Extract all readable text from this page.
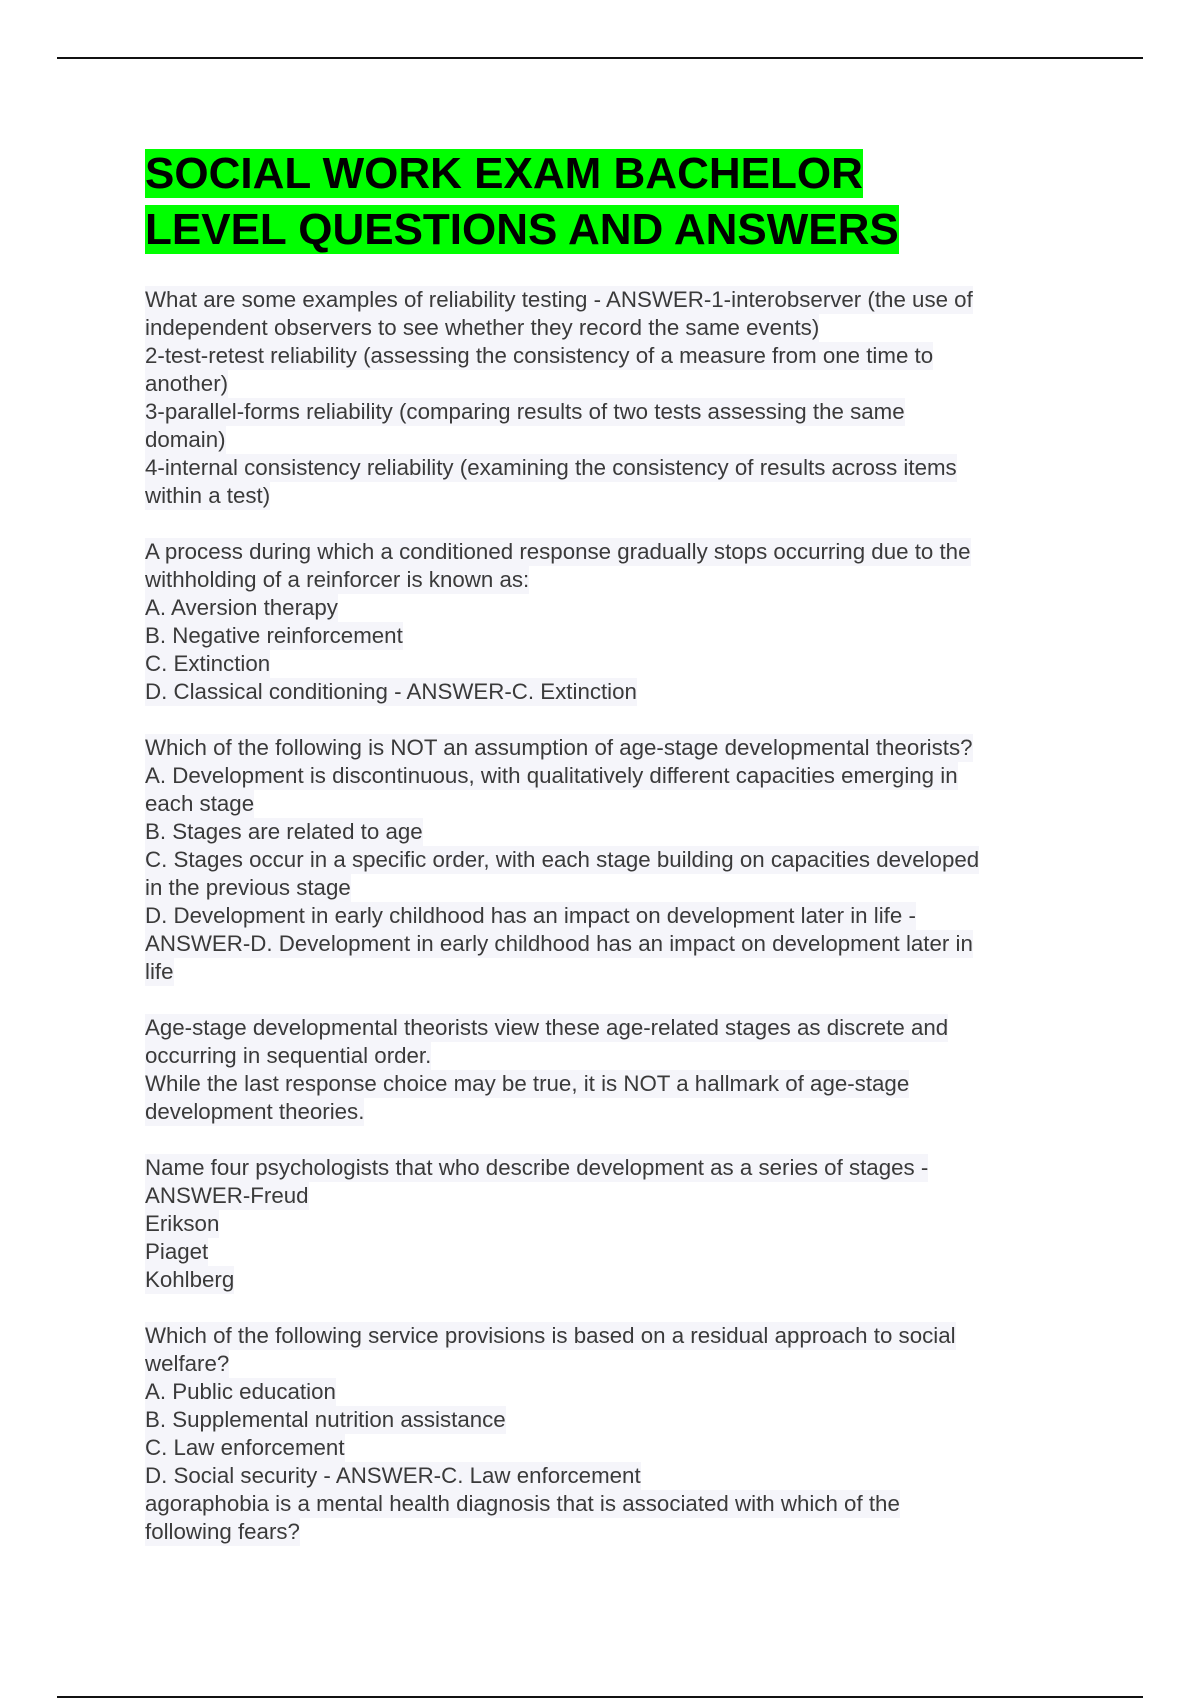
SOCIAL WORK EXAM BACHELOR
LEVEL QUESTIONS AND ANSWERS
What are some examples of reliability testing - ANSWER-1-interobserver (the use of
independent observers to see whether they record the same events)
2-test-retest reliability (assessing the consistency of a measure from one time to
another)
3-parallel-forms reliability (comparing results of two tests assessing the same
domain)
4-internal consistency reliability (examining the consistency of results across items
within a test)
A process during which a conditioned response gradually stops occurring due to the
withholding of a reinforcer is known as:
A. Aversion therapy
B. Negative reinforcement
C. Extinction
D. Classical conditioning - ANSWER-C. Extinction
Which of the following is NOT an assumption of age-stage developmental theorists?
A. Development is discontinuous, with qualitatively different capacities emerging in
each stage
B. Stages are related to age
C. Stages occur in a specific order, with each stage building on capacities developed
in the previous stage
D. Development in early childhood has an impact on development later in life -
ANSWER-D. Development in early childhood has an impact on development later in
life
Age-stage developmental theorists view these age-related stages as discrete and
occurring in sequential order.
While the last response choice may be true, it is NOT a hallmark of age-stage
development theories.
Name four psychologists that who describe development as a series of stages -
ANSWER-Freud
Erikson
Piaget
Kohlberg
Which of the following service provisions is based on a residual approach to social
welfare?
A. Public education
B. Supplemental nutrition assistance
C. Law enforcement
D. Social security - ANSWER-C. Law enforcement
agoraphobia is a mental health diagnosis that is associated with which of the
following fears?
